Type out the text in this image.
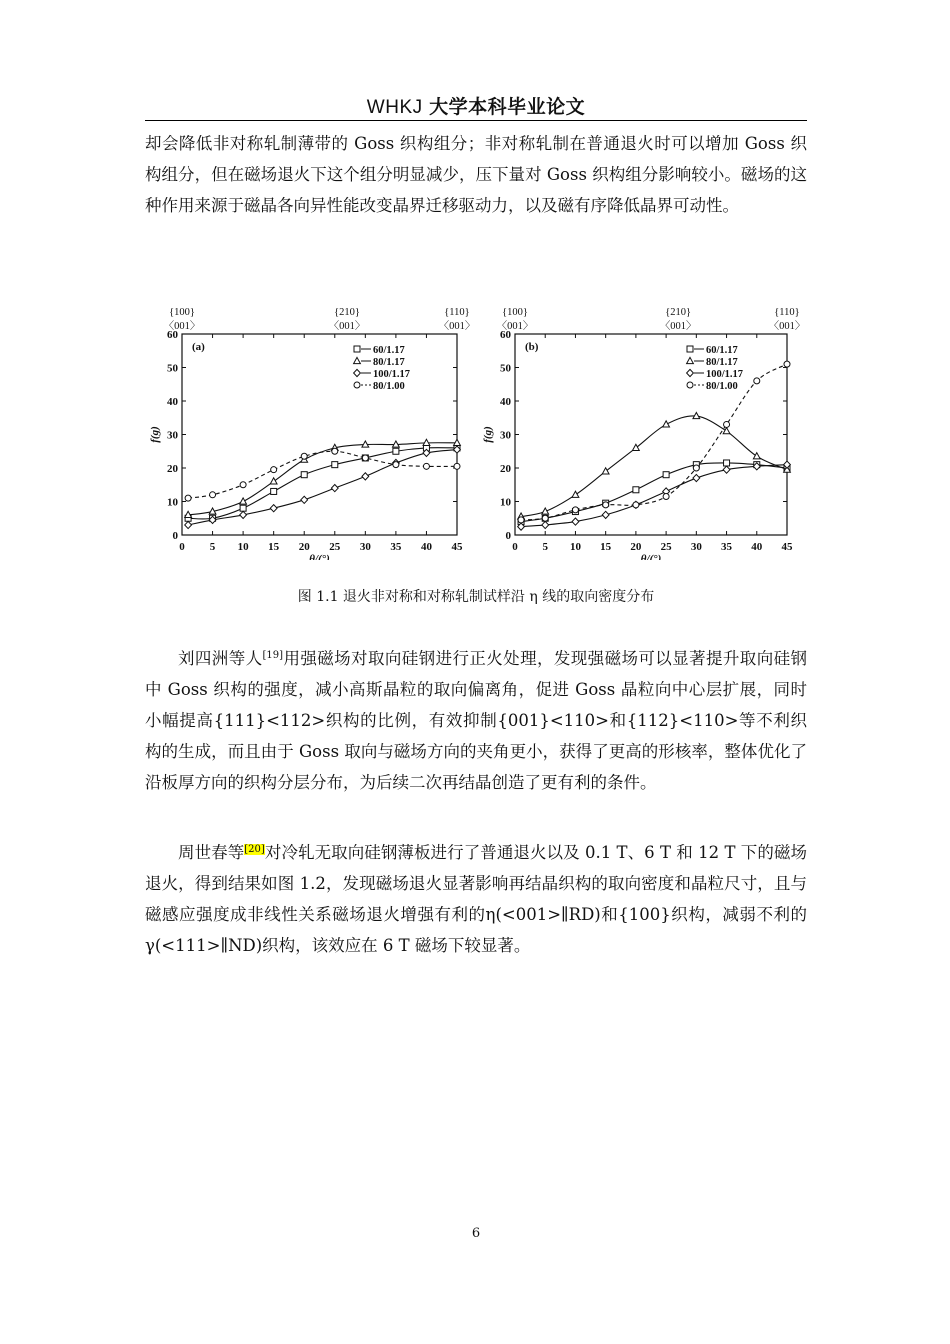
WHKJ 大学本科毕业论文

却会降低非对称轧制薄带的 Goss 织构组分；非对称轧制在普通退火时可以增加 Goss 织构组分，但在磁场退火下这个组分明显减少，压下量对 Goss 织构组分影响较小。磁场的这种作用来源于磁晶各向异性能改变晶界迁移驱动力，以及磁有序降低晶界可动性。

0 5 10 15 20 25 30 35 40 45
0
10
20
30
40
50
60
θ/(°)
f(g)
{100}
〈001〉
{210}
〈001〉
{110}
〈001〉
(a)	60/1.17
80/1.17
100/1.17
80/1.00
0 5 10 15 20 25 30 35 40 45
0
10
20
30
40
50
60
θ/(°)
f(g)
{100}
〈001〉
{210}
〈001〉
{110}
〈001〉
(b)	60/1.17
80/1.17
100/1.17
80/1.00
图 1.1 退火非对称和对称轧制试样沿 η 线的取向密度分布

刘四洲等人[19]用强磁场对取向硅钢进行正火处理，发现强磁场可以显著提升取向硅钢中 Goss 织构的强度，减小高斯晶粒的取向偏离角，促进 Goss 晶粒向中心层扩展，同时小幅提高{111}<112>织构的比例，有效抑制{001}<110>和{112}<110>等不利织构的生成，而且由于 Goss 取向与磁场方向的夹角更小，获得了更高的形核率，整体优化了沿板厚方向的织构分层分布，为后续二次再结晶创造了更有利的条件。

周世春等[20]对冷轧无取向硅钢薄板进行了普通退火以及 0.1 T、6 T 和 12 T 下的磁场退火，得到结果如图 1.2，发现磁场退火显著影响再结晶织构的取向密度和晶粒尺寸，且与磁感应强度成非线性关系磁场退火增强有利的η(<001>∥RD)和{100}织构，减弱不利的 γ(<111>∥ND)织构，该效应在 6 T 磁场下较显著。

6
